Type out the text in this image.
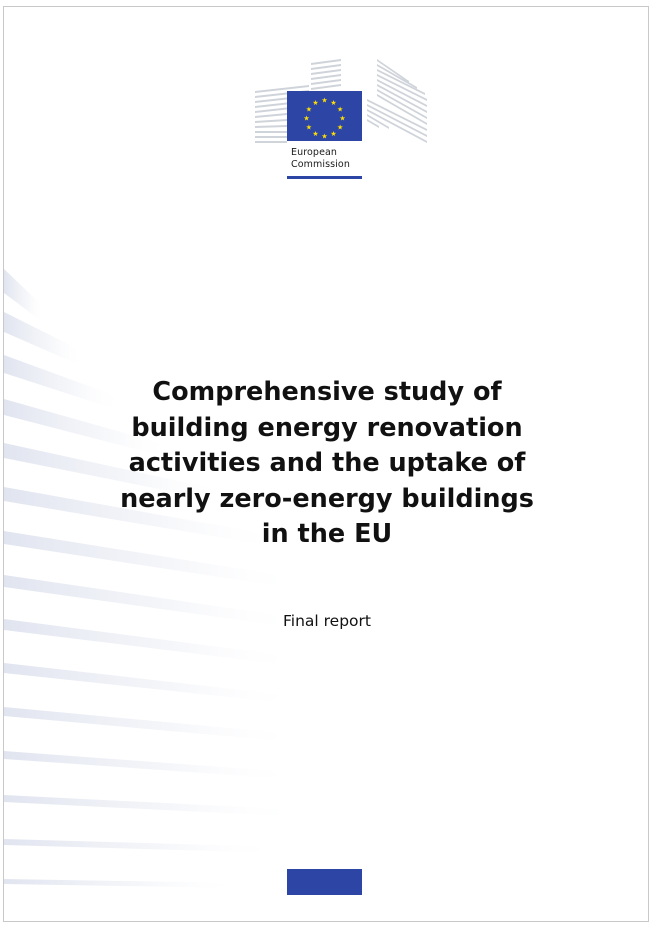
★ ★
★
★
★
★
★
★
★
★
★
★
European
Commission
Comprehensive study of
building energy renovation
activities and the uptake of
nearly zero-energy buildings
in the EU
Final report
